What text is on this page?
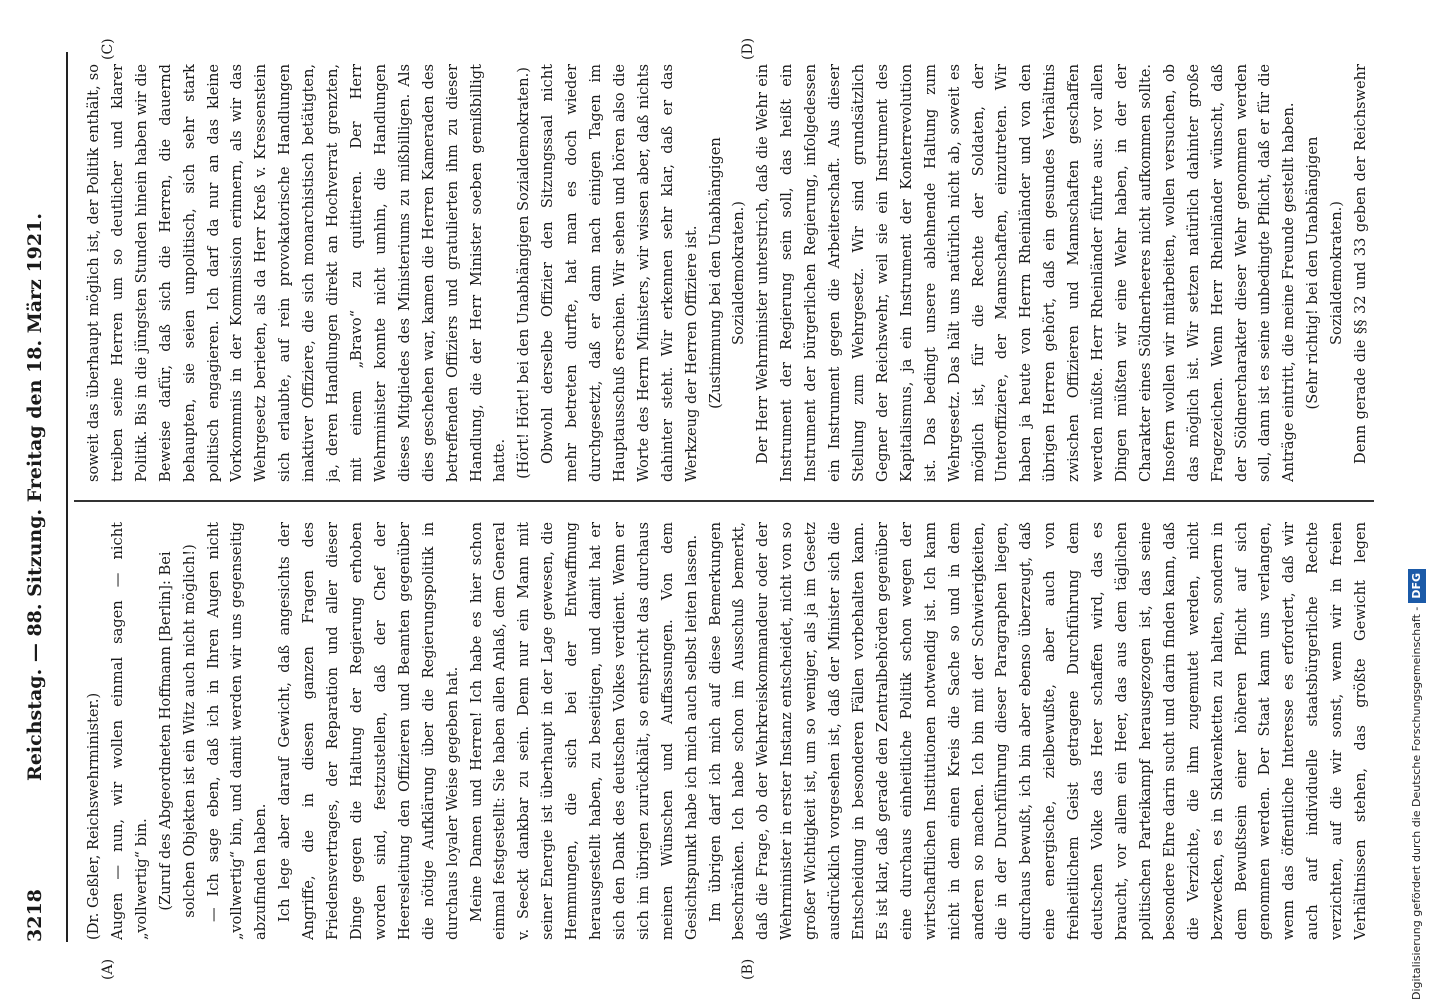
3218
Reichstag. — 88. Sitzung. Freitag den 18. März 1921.
(A)	(B)
(C)	(D)

(Dr. Geßler, Reichswehrminister.) Augen — nun, wir wollen einmal sagen — nicht „vollwertig“ bin. (Zuruf des Abgeordneten Hoffmann [Berlin]: Bei solchen Objekten ist ein Witz auch nicht möglich!) — Ich sage eben, daß ich in Ihren Augen nicht „vollwertig“ bin, und damit werden wir uns gegenseitig abzufinden haben. Ich lege aber darauf Gewicht, daß angesichts der Angriffe, die in diesen ganzen Fragen des Friedensvertrages, der Reparation und aller dieser Dinge gegen die Haltung der Regierung erhoben worden sind, festzustellen, daß der Chef der Heeresleitung den Offizieren und Beamten gegenüber die nötige Aufklärung über die Regierungspolitik in durchaus loyaler Weise gegeben hat. Meine Damen und Herren! Ich habe es hier schon einmal festgestellt: Sie haben allen Anlaß, dem General v. Seeckt dankbar zu sein. Denn nur ein Mann mit seiner Energie ist überhaupt in der Lage gewesen, die Hemmungen, die sich bei der Entwaffnung herausgestellt haben, zu beseitigen, und damit hat er sich den Dank des deutschen Volkes verdient. Wenn er sich im übrigen zurückhält, so entspricht das durchaus meinen Wünschen und Auffassungen. Von dem Gesichtspunkt habe ich mich auch selbst leiten lassen. Im übrigen darf ich mich auf diese Bemerkungen beschränken. Ich habe schon im Ausschuß bemerkt, daß die Frage, ob der Wehrkreiskommandeur oder der Wehrminister in erster Instanz entscheidet, nicht von so großer Wichtigkeit ist, um so weniger, als ja im Gesetz ausdrücklich vorgesehen ist, daß der Minister sich die Entscheidung in besonderen Fällen vorbehalten kann. Es ist klar, daß gerade den Zentralbehörden gegenüber eine durchaus einheitliche Politik schon wegen der wirtschaftlichen Institutionen notwendig ist. Ich kann nicht in dem einen Kreis die Sache so und in dem anderen so machen. Ich bin mit der Schwierigkeiten, die in der Durchführung dieser Paragraphen liegen, durchaus bewußt, ich bin aber ebenso überzeugt, daß eine energische, zielbewußte, aber auch von freiheitlichem Geist getragene Durchführung dem deutschen Volke das Heer schaffen wird, das es braucht, vor allem ein Heer, das aus dem täglichen politischen Parteikampf herausgezogen ist, das seine besondere Ehre darin sucht und darin finden kann, daß die Verzichte, die ihm zugemutet werden, nicht bezwecken, es in Sklavenketten zu halten, sondern in dem Bewußtsein einer höheren Pflicht auf sich genommen werden. Der Staat kann uns verlangen, wenn das öffentliche Interesse es erfordert, daß wir auch auf individuelle staatsbürgerliche Rechte verzichten, auf die wir sonst, wenn wir in freien Verhältnissen stehen, das größte Gewicht legen

soweit das überhaupt möglich ist, der Politik enthält, so treiben seine Herren um so deutlicher und klarer Politik. Bis in die jüngsten Stunden hinein haben wir die Beweise dafür, daß sich die Herren, die dauernd behaupten, sie seien unpolitisch, sich sehr stark politisch engagieren. Ich darf da nur an das kleine Vorkommnis in der Kommission erinnern, als wir das Wehrgesetz berieten, als da Herr Kreß v. Kressenstein sich erlaubte, auf rein provokatorische Handlungen inaktiver Offiziere, die sich monarchistisch betätigten, ja, deren Handlungen direkt an Hochverrat grenzten, mit einem „Bravo“ zu quittieren. Der Herr Wehrminister konnte nicht umhin, die Handlungen dieses Mitgliedes des Ministeriums zu mißbilligen. Als dies geschehen war, kamen die Herren Kameraden des betreffenden Offiziers und gratulierten ihm zu dieser Handlung, die der Herr Minister soeben gemißbilligt hatte. (Hört! Hört! bei den Unabhängigen Sozialdemokraten.) Obwohl derselbe Offizier den Sitzungssaal nicht mehr betreten durfte, hat man es doch wieder durchgesetzt, daß er dann nach einigen Tagen im Hauptausschuß erschien. Wir sehen und hören also die Worte des Herrn Ministers, wir wissen aber, daß nichts dahinter steht. Wir erkennen sehr klar, daß er das Werkzeug der Herren Offiziere ist. (Zustimmung bei den Unabhängigen Sozialdemokraten.) Der Herr Wehrminister unterstrich, daß die Wehr ein Instrument der Regierung sein soll, das heißt ein Instrument der bürgerlichen Regierung, infolgedessen ein Instrument gegen die Arbeiterschaft. Aus dieser Stellung zum Wehrgesetz. Wir sind grundsätzlich Gegner der Reichswehr, weil sie ein Instrument des Kapitalismus, ja ein Instrument der Konterrevolution ist. Das bedingt unsere ablehnende Haltung zum Wehrgesetz. Das hält uns natürlich nicht ab, soweit es möglich ist, für die Rechte der Soldaten, der Unteroffiziere, der Mannschaften, einzutreten. Wir haben ja heute von Herrn Rheinländer und von den übrigen Herren gehört, daß ein gesundes Verhältnis zwischen Offizieren und Mannschaften geschaffen werden müßte. Herr Rheinländer führte aus: vor allen Dingen müßten wir eine Wehr haben, in der der Charakter eines Söldnerheeres nicht aufkommen sollte. Insofern wollen wir mitarbeiten, wollen versuchen, ob das möglich ist. Wir setzen natürlich dahinter große Fragezeichen. Wenn Herr Rheinländer wünscht, daß der Söldnercharakter dieser Wehr genommen werden soll, dann ist es seine unbedingte Pflicht, daß er für die Anträge eintritt, die meine Freunde gestellt haben. (Sehr richtig! bei den Unabhängigen Sozialdemokraten.)

Denn gerade die §§ 32 und 33 geben der Reichswehr

Digitalisierung gefördert durch die Deutsche Forschungsgemeinschaft -DFG
